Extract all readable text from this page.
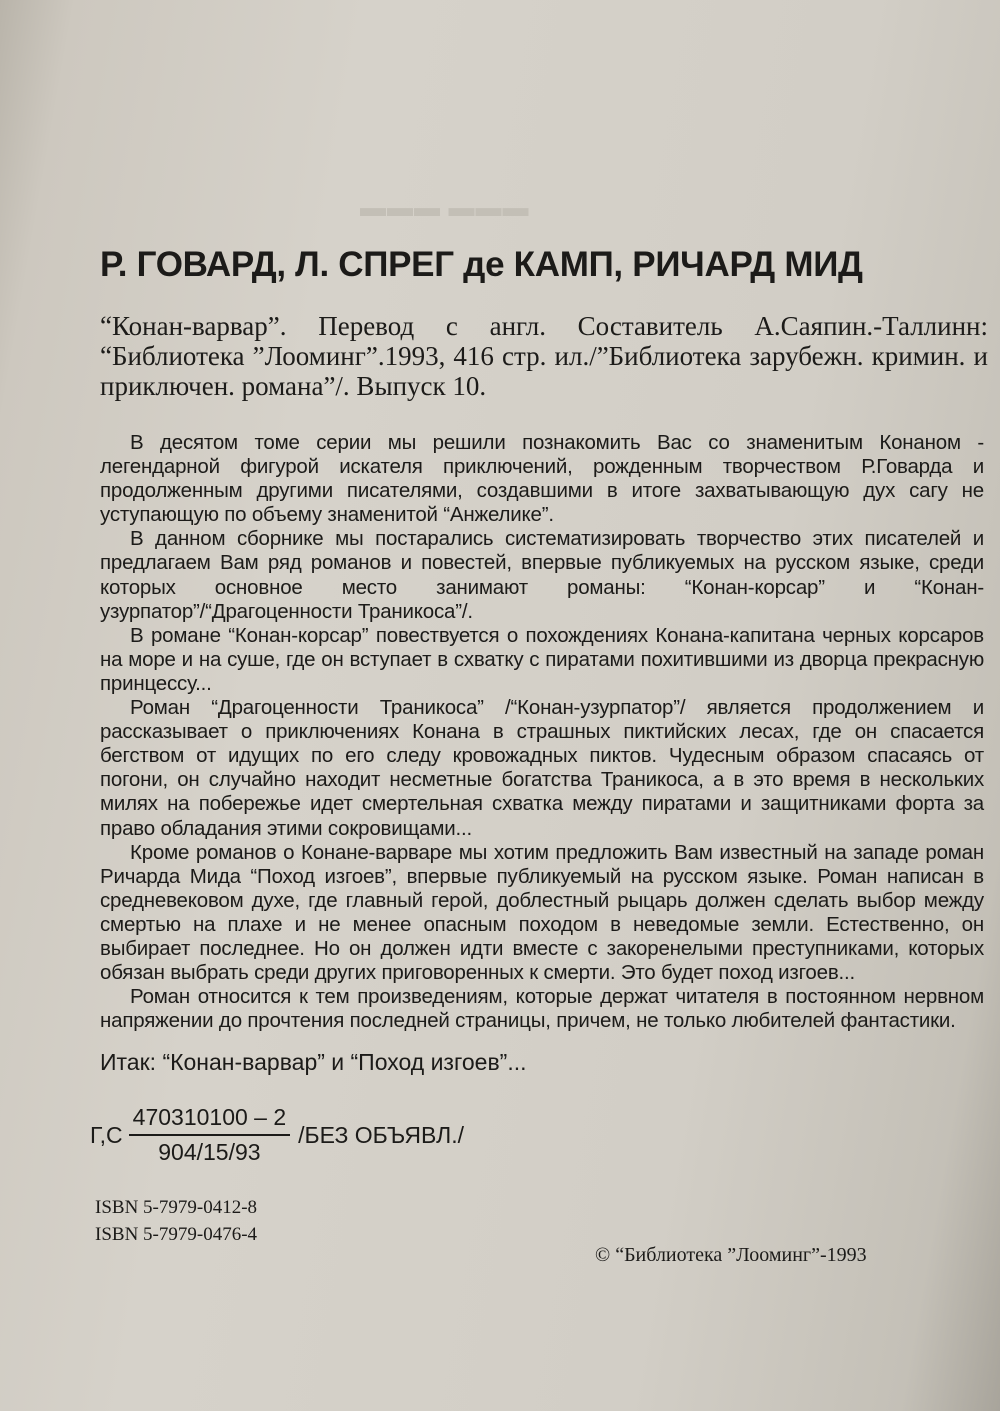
▬▬▬ ▬▬▬
Р. ГОВАРД, Л. СПРЕГ де КАМП, РИЧАРД МИД
“Конан-варвар”. Перевод с англ. Составитель А.Саяпин.-Таллинн: “Библиотека ”Лооминг”.1993, 416 стр. ил./”Библиотека зарубежн. кримин. и приключен. романа”/. Выпуск 10.

В десятом томе серии мы решили познакомить Вас со знаменитым Конаном - легендарной фигурой искателя приключений, рожденным творчеством Р.Говарда и продолженным другими писателями, создавшими в итоге захватывающую дух сагу не уступающую по объему знаменитой “Анжелике”.

В данном сборнике мы постарались систематизировать творчество этих писателей и предлагаем Вам ряд романов и повестей, впервые публикуемых на русском языке, среди которых основное место занимают романы: “Конан-корсар” и “Конан-узурпатор”/“Драгоценности Траникоса”/.

В романе “Конан-корсар” повествуется о похождениях Конана-капитана черных корсаров на море и на суше, где он вступает в схватку с пиратами похитившими из дворца прекрасную принцессу...

Роман “Драгоценности Траникоса” /“Конан-узурпатор”/ является продолжением и рассказывает о приключениях Конана в страшных пиктийских лесах, где он спасается бегством от идущих по его следу кровожадных пиктов. Чудесным образом спасаясь от погони, он случайно находит несметные богатства Траникоса, а в это время в нескольких милях на побережье идет смертельная схватка между пиратами и защитниками форта за право обладания этими сокровищами...

Кроме романов о Конане-варваре мы хотим предложить Вам известный на западе роман Ричарда Мида “Поход изгоев”, впервые публикуемый на русском языке. Роман написан в средневековом духе, где главный герой, доблестный рыцарь должен сделать выбор между смертью на плахе и не менее опасным походом в неведомые земли. Естественно, он выбирает последнее. Но он должен идти вместе с закоренелыми преступниками, которых обязан выбрать среди других приговоренных к смерти. Это будет поход изгоев...

Роман относится к тем произведениям, которые держат читателя в постоянном нервном напряжении до прочтения последней страницы, причем, не только любителей фантастики.

Итак: “Конан-варвар” и “Поход изгоев”...
$Г,С \frac{470310100 - 2}{904/15/93} /БЕЗ$ ОБЪЯВЛ./
ISBN 5-7979-0412-8
ISBN 5-7979-0476-4
© “Библиотека ”Лооминг”-1993
